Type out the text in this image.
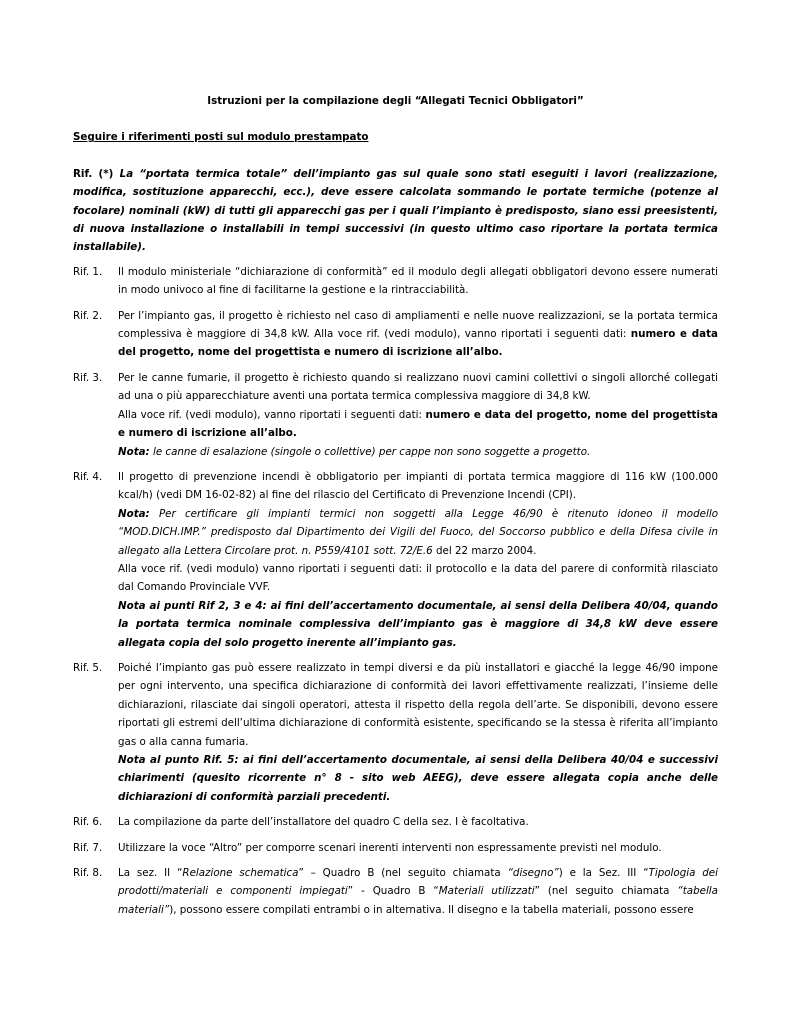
Istruzioni per la compilazione degli “Allegati Tecnici Obbligatori”
Seguire i riferimenti posti sul modulo prestampato
Rif. (*) La “portata termica totale” dell’impianto gas sul quale sono stati eseguiti i lavori (realizzazione, modifica, sostituzione apparecchi, ecc.), deve essere calcolata sommando le portate termiche (potenze al focolare) nominali (kW) di tutti gli apparecchi gas per i quali l’impianto è predisposto, siano essi preesistenti, di nuova installazione o installabili in tempi successivi (in questo ultimo caso riportare la portata termica installabile).
Rif. 1.	Il modulo ministeriale “dichiarazione di conformità” ed il modulo degli allegati obbligatori devono essere numerati in modo univoco al fine di facilitarne la gestione e la rintracciabilità.

Rif. 2.	Per l’impianto gas, il progetto è richiesto nel caso di ampliamenti e nelle nuove realizzazioni, se la portata termica complessiva è maggiore di 34,8 kW. Alla voce rif. (vedi modulo), vanno riportati i seguenti dati: numero e data del progetto, nome del progettista e numero di iscrizione all’albo.

Rif. 3.	Per le canne fumarie, il progetto è richiesto quando si realizzano nuovi camini collettivi o singoli allorché collegati ad una o più apparecchiature aventi una portata termica complessiva maggiore di 34,8 kW.

Alla voce rif. (vedi modulo), vanno riportati i seguenti dati: numero e data del progetto, nome del progettista e numero di iscrizione all’albo.

Nota: le canne di esalazione (singole o collettive) per cappe non sono soggette a progetto.

Rif. 4.	Il progetto di prevenzione incendi è obbligatorio per impianti di portata termica maggiore di 116 kW (100.000 kcal/h) (vedi DM 16-02-82) al fine del rilascio del Certificato di Prevenzione Incendi (CPI).

Nota: Per certificare gli impianti termici non soggetti alla Legge 46/90 è ritenuto idoneo il modello “MOD.DICH.IMP.” predisposto dal Dipartimento dei Vigili del Fuoco, del Soccorso pubblico e della Difesa civile in allegato alla Lettera Circolare prot. n. P559/4101 sott. 72/E.6 del 22 marzo 2004.

Alla voce rif. (vedi modulo) vanno riportati i seguenti dati: il protocollo e la data del parere di conformità rilasciato dal Comando Provinciale VVF.

Nota ai punti Rif 2, 3 e 4: ai fini dell’accertamento documentale, ai sensi della Delibera 40/04, quando la portata termica nominale complessiva dell’impianto gas è maggiore di 34,8 kW deve essere allegata copia del solo progetto inerente all’impianto gas.

Rif. 5.	Poiché l’impianto gas può essere realizzato in tempi diversi e da più installatori e giacché la legge 46/90 impone per ogni intervento, una specifica dichiarazione di conformità dei lavori effettivamente realizzati, l’insieme delle dichiarazioni, rilasciate dai singoli operatori, attesta il rispetto della regola dell’arte. Se disponibili, devono essere riportati gli estremi dell’ultima dichiarazione di conformità esistente, specificando se la stessa è riferita all’impianto gas o alla canna fumaria.

Nota al punto Rif. 5: ai fini dell’accertamento documentale, ai sensi della Delibera 40/04 e successivi chiarimenti (quesito ricorrente n° 8 - sito web AEEG), deve essere allegata copia anche delle dichiarazioni di conformità parziali precedenti.

Rif. 6.	La compilazione da parte dell’installatore del quadro C della sez. I è facoltativa.

Rif. 7.	Utilizzare la voce “Altro” per comporre scenari inerenti interventi non espressamente previsti nel modulo.

Rif. 8.	La sez. II “Relazione schematica” – Quadro B (nel seguito chiamata “disegno”) e la Sez. III “Tipologia dei prodotti/materiali e componenti impiegati” - Quadro B “Materiali utilizzati” (nel seguito chiamata “tabella materiali”), possono essere compilati entrambi o in alternativa. Il disegno e la tabella materiali, possono essere
